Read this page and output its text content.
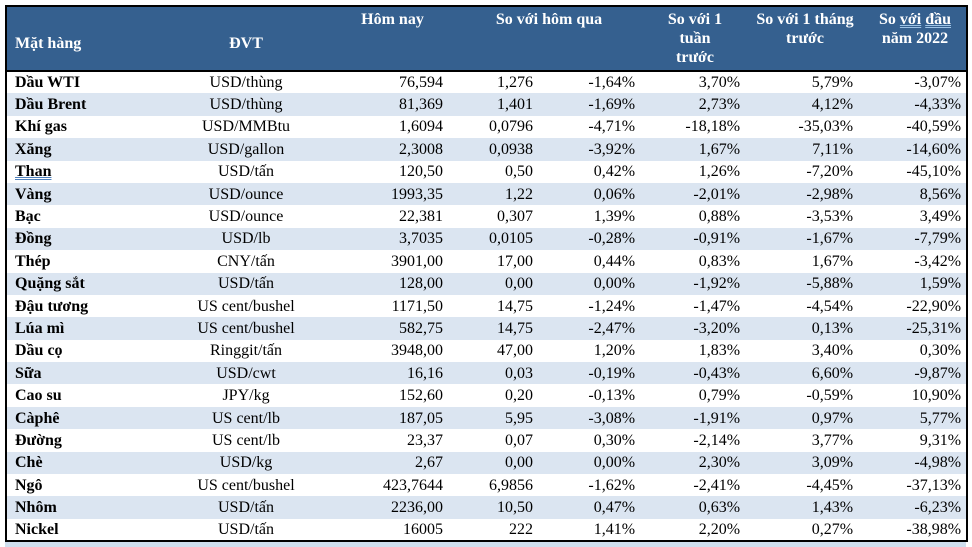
Mặt hàng	ĐVT	Hôm nay	So với hôm qua		So với 1 tuần trước	So với 1 tháng trước	So với đầu năm 2022
Dầu WTI	USD/thùng	76,594	1,276	-1,64%	3,70%	5,79%	-3,07%
Dầu Brent	USD/thùng	81,369	1,401	-1,69%	2,73%	4,12%	-4,33%
Khí gas	USD/MMBtu	1,6094	0,0796	-4,71%	-18,18%	-35,03%	-40,59%
Xăng	USD/gallon	2,3008	0,0938	-3,92%	1,67%	7,11%	-14,60%
Than	USD/tấn	120,50	0,50	0,42%	1,26%	-7,20%	-45,10%
Vàng	USD/ounce	1993,35	1,22	0,06%	-2,01%	-2,98%	8,56%
Bạc	USD/ounce	22,381	0,307	1,39%	0,88%	-3,53%	3,49%
Đồng	USD/lb	3,7035	0,0105	-0,28%	-0,91%	-1,67%	-7,79%
Thép	CNY/tấn	3901,00	17,00	0,44%	0,83%	1,67%	-3,42%
Quặng sắt	USD/tấn	128,00	0,00	0,00%	-1,92%	-5,88%	1,59%
Đậu tương	US cent/bushel	1171,50	14,75	-1,24%	-1,47%	-4,54%	-22,90%
Lúa mì	US cent/bushel	582,75	14,75	-2,47%	-3,20%	0,13%	-25,31%
Dầu cọ	Ringgit/tấn	3948,00	47,00	1,20%	1,83%	3,40%	0,30%
Sữa	USD/cwt	16,16	0,03	-0,19%	-0,43%	6,60%	-9,87%
Cao su	JPY/kg	152,60	0,20	-0,13%	0,79%	-0,59%	10,90%
Càphê	US cent/lb	187,05	5,95	-3,08%	-1,91%	0,97%	5,77%
Đường	US cent/lb	23,37	0,07	0,30%	-2,14%	3,77%	9,31%
Chè	USD/kg	2,67	0,00	0,00%	2,30%	3,09%	-4,98%
Ngô	US cent/bushel	423,7644	6,9856	-1,62%	-2,41%	-4,45%	-37,13%
Nhôm	USD/tấn	2236,00	10,50	0,47%	0,63%	1,43%	-6,23%
Nickel	USD/tấn	16005	222	1,41%	2,20%	0,27%	-38,98%
